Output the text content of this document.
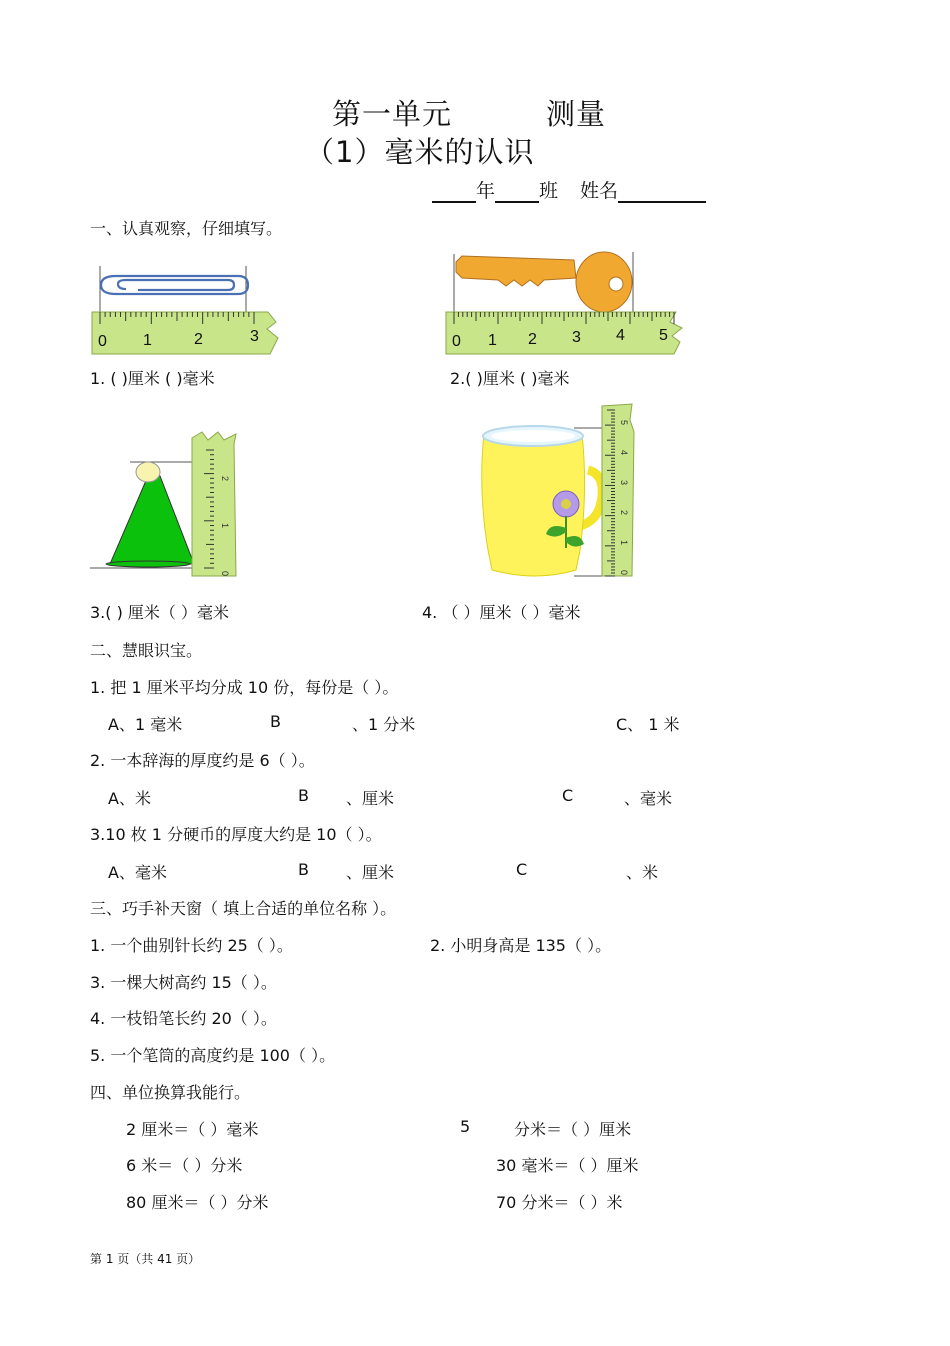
第一单元	测量
（1）毫米的认识
年 班 姓名
一、认真观察，仔细填写。
0 1	2	3	0 1 2 3 4 5
1. ( )厘米 ( )毫米	2.( )厘米 ( )毫米
0
1
2
0
1
2
3
4
5
3.( ) 厘米（ ）毫米	4. （ ）厘米（ ）毫米
二、慧眼识宝。
1. 把 1 厘米平均分成 10 份，每份是（ ）。
A、1 毫米	B	、1 分米	C、 1 米
2. 一本辞海的厚度约是 6（ ）。
A、米	B 、厘米	C	、毫米
3.10 枚 1 分硬币的厚度大约是 10（ ）。
A、毫米	B 、厘米	C	、米
三、巧手补天窗（ 填上合适的单位名称 ）。
1. 一个曲别针长约 25（ ）。	2. 小明身高是 135（ ）。
3. 一棵大树高约 15（ ）。
4. 一枝铅笔长约 20（ ）。
5. 一个笔筒的高度约是 100（ ）。
四、单位换算我能行。
2 厘米＝（ ）毫米	5	分米＝（ ）厘米
6 米＝（ ）分米	30 毫米＝（ ）厘米
80 厘米＝（ ）分米	70 分米＝（ ）米
第 1 页（共 41 页）
